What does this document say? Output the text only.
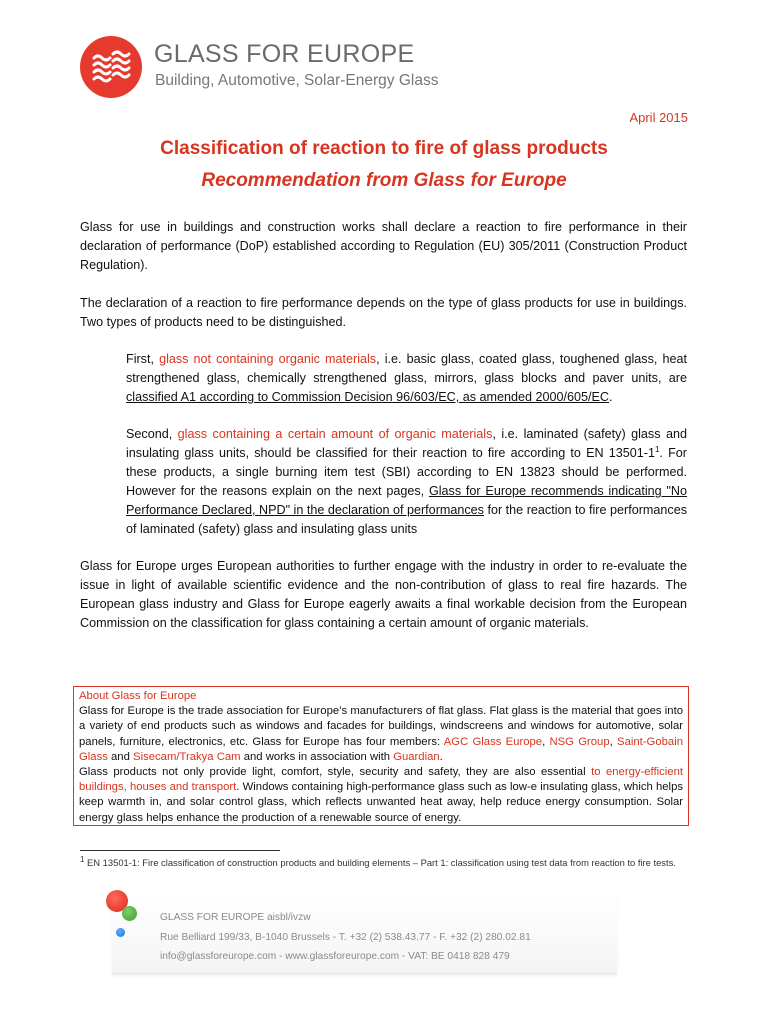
GLASS FOR EUROPE
Building, Automotive, Solar-Energy Glass
April 2015
Classification of reaction to fire of glass products
Recommendation from Glass for Europe
Glass for use in buildings and construction works shall declare a reaction to fire performance in their declaration of performance (DoP) established according to Regulation (EU) 305/2011 (Construction Product Regulation).
The declaration of a reaction to fire performance depends on the type of glass products for use in buildings. Two types of products need to be distinguished.
First, glass not containing organic materials, i.e. basic glass, coated glass, toughened glass, heat strengthened glass, chemically strengthened glass, mirrors, glass blocks and paver units, are classified A1 according to Commission Decision 96/603/EC, as amended 2000/605/EC.
Second, glass containing a certain amount of organic materials, i.e. laminated (safety) glass and insulating glass units, should be classified for their reaction to fire according to EN $13501-1^1$. For these products, a single burning item test (SBI) according to EN 13823 should be performed. However for the reasons explain on the next pages, Glass for Europe recommends indicating "No Performance Declared, NPD" in the declaration of performances for the reaction to fire performances of laminated (safety) glass and insulating glass units
Glass for Europe urges European authorities to further engage with the industry in order to re-evaluate the issue in light of available scientific evidence and the non-contribution of glass to real fire hazards. The European glass industry and Glass for Europe eagerly awaits a final workable decision from the European Commission on the classification for glass containing a certain amount of organic materials.
About Glass for Europe
Glass for Europe is the trade association for Europe’s manufacturers of flat glass. Flat glass is the material that goes into a variety of end products such as windows and facades for buildings, windscreens and windows for automotive, solar panels, furniture, electronics, etc. Glass for Europe has four members: AGC Glass Europe, NSG Group, Saint-Gobain Glass and Sisecam/Trakya Cam and works in association with Guardian.
Glass products not only provide light, comfort, style, security and safety, they are also essential to energy-efficient buildings, houses and transport. Windows containing high-performance glass such as low-e insulating glass, which helps keep warmth in, and solar control glass, which reflects unwanted heat away, help reduce energy consumption. Solar energy glass helps enhance the production of a renewable source of energy.
$^1$ EN 13501-1: Fire classification of construction products and building elements – Part 1: classification using test data from reaction to fire tests.
GLASS FOR EUROPE aisbl/ivzw
Rue Belliard 199/33, B-1040 Brussels - T. +32 (2) 538.43.77 - F. +32 (2) 280.02.81
info@glassforeurope.com - www.glassforeurope.com - VAT: BE 0418 828 479
